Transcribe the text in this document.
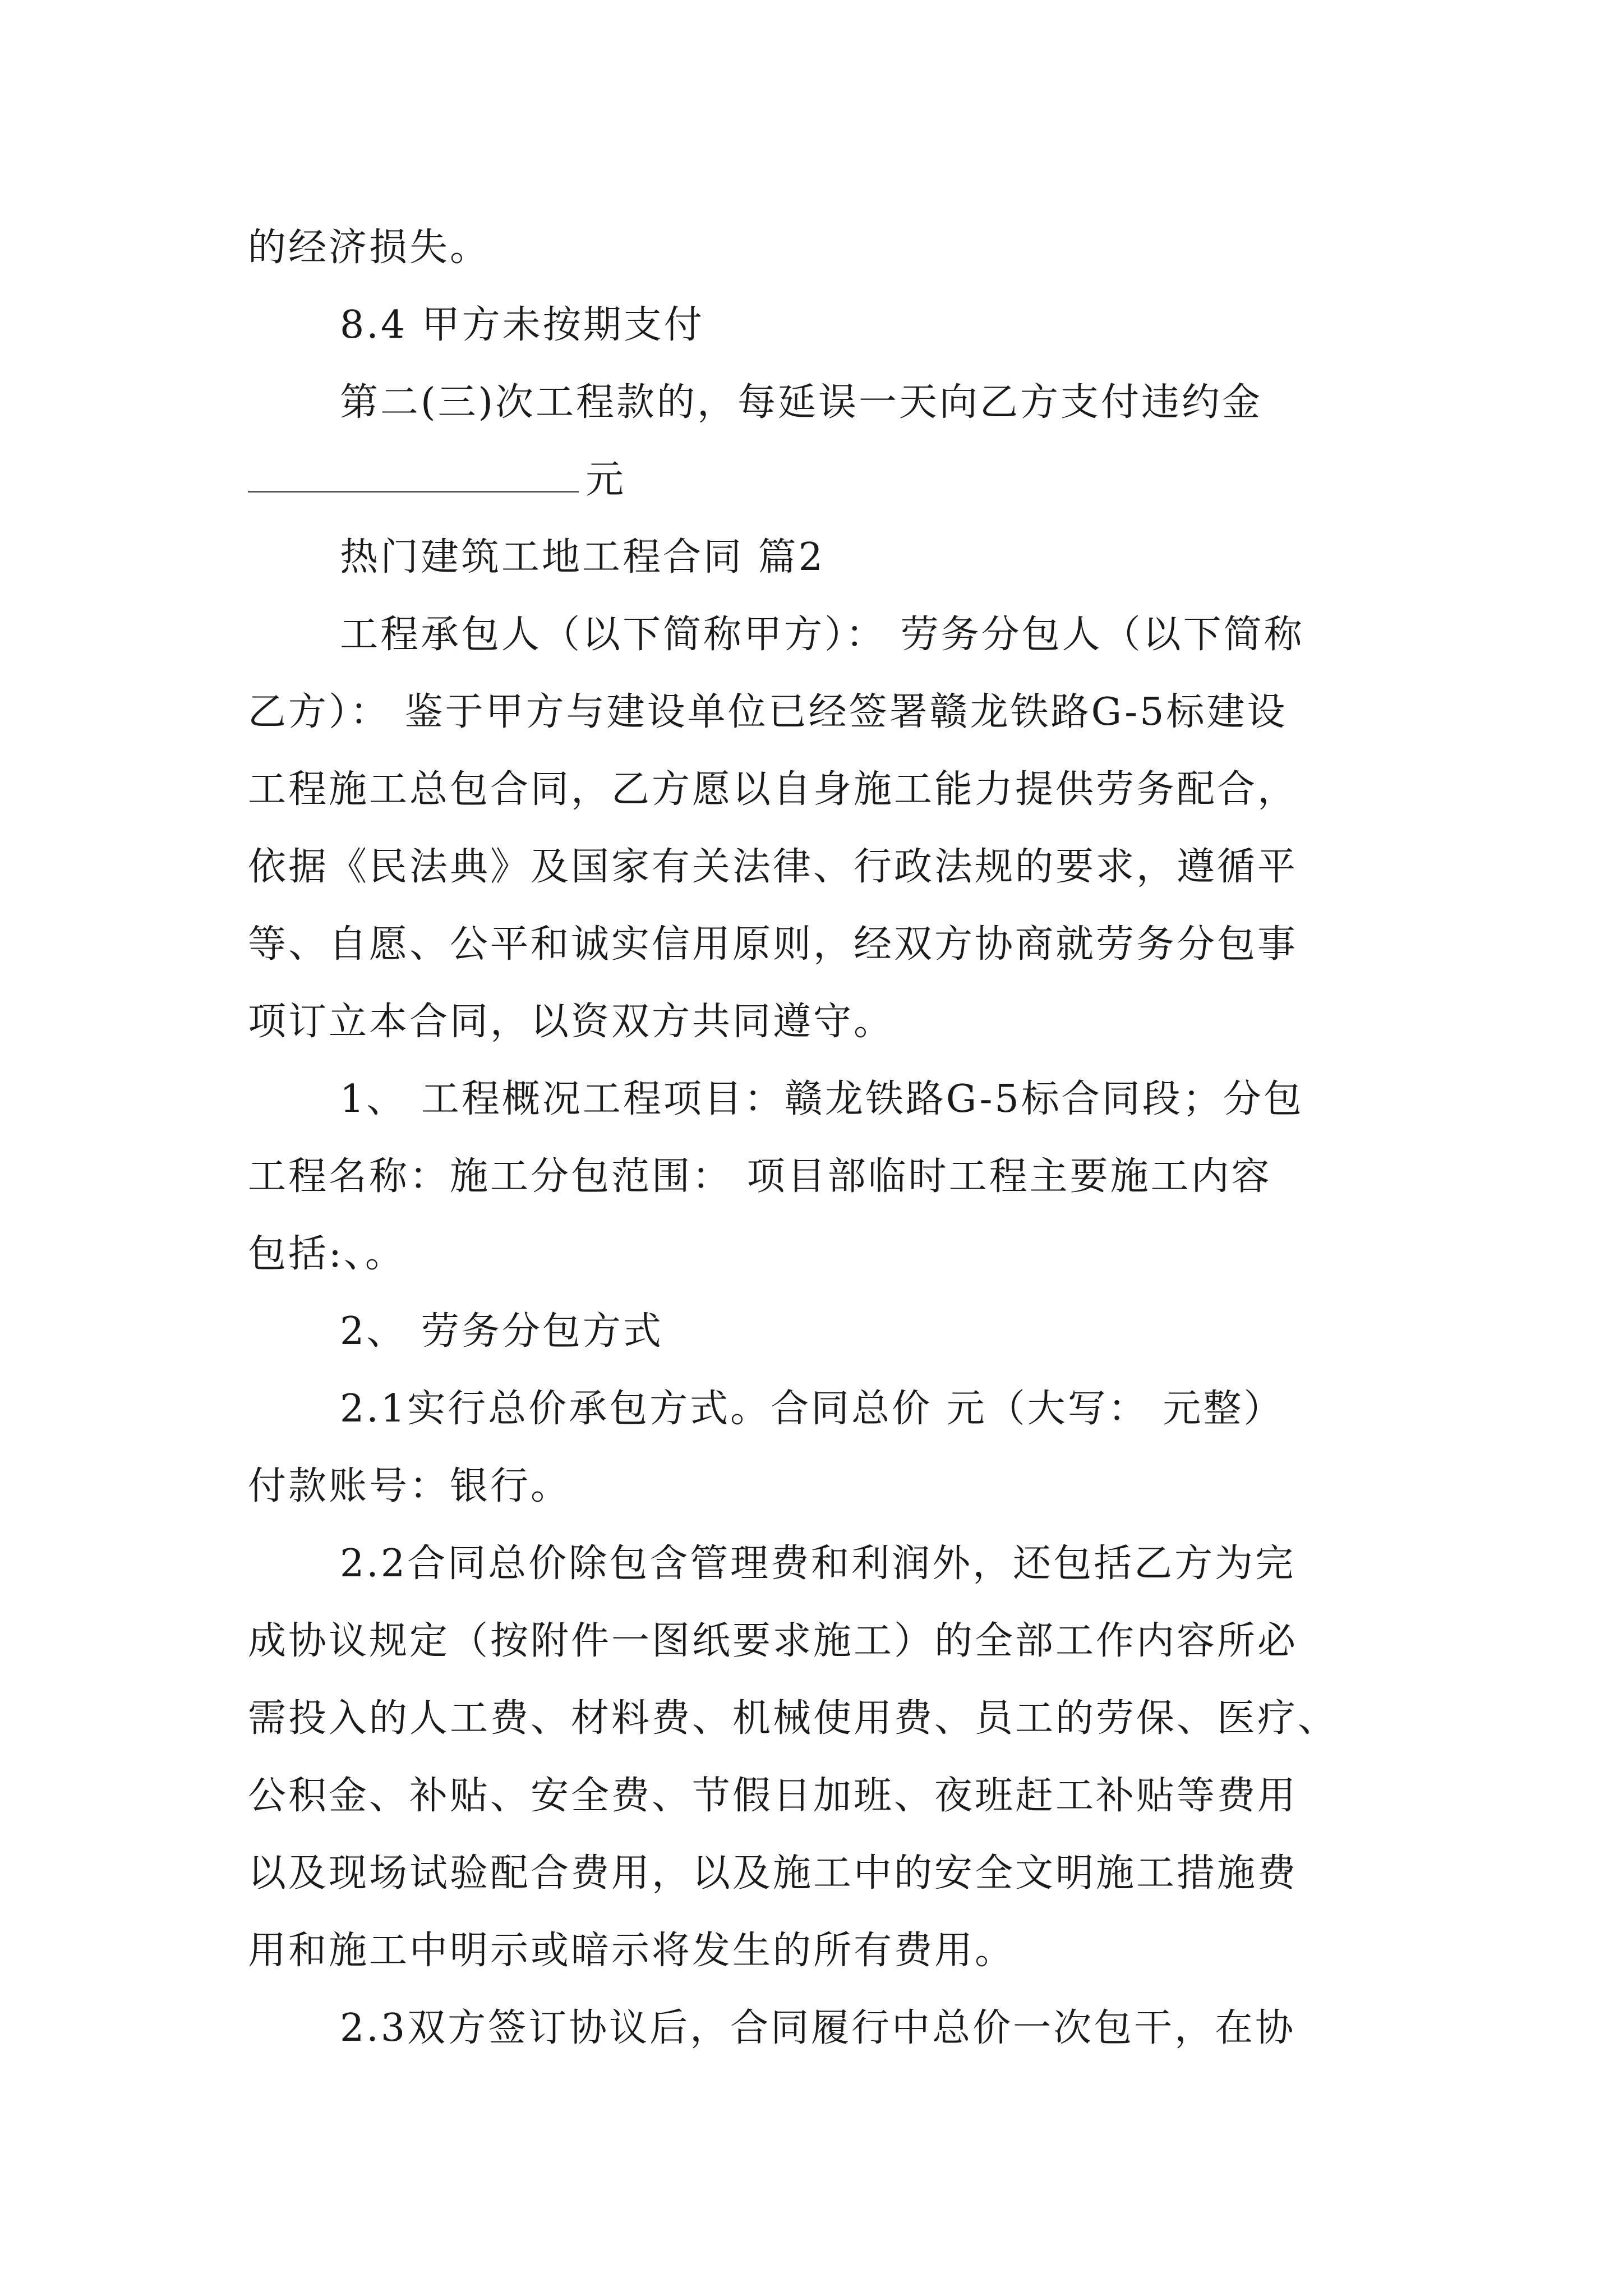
的经济损失。
8.4 甲方未按期支付
第二(三)次工程款的，每延误一天向乙方支付违约金
元
热门建筑工地工程合同 篇2
工程承包人（以下简称甲方）： 劳务分包人（以下简称
乙方）： 鉴于甲方与建设单位已经签署赣龙铁路G-5标建设
工程施工总包合同，乙方愿以自身施工能力提供劳务配合，
依据《民法典》及国家有关法律、行政法规的要求，遵循平
等、自愿、公平和诚实信用原则，经双方协商就劳务分包事
项订立本合同，以资双方共同遵守。
1、 工程概况工程项目：赣龙铁路G-5标合同段；分包
工程名称：施工分包范围： 项目部临时工程主要施工内容
包括:、。
2、 劳务分包方式
2.1实行总价承包方式。合同总价 元（大写： 元整）
付款账号：银行。
2.2合同总价除包含管理费和利润外，还包括乙方为完
成协议规定（按附件一图纸要求施工）的全部工作内容所必
需投入的人工费、材料费、机械使用费、员工的劳保、医疗、
公积金、补贴、安全费、节假日加班、夜班赶工补贴等费用
以及现场试验配合费用，以及施工中的安全文明施工措施费
用和施工中明示或暗示将发生的所有费用。
2.3双方签订协议后，合同履行中总价一次包干，在协
